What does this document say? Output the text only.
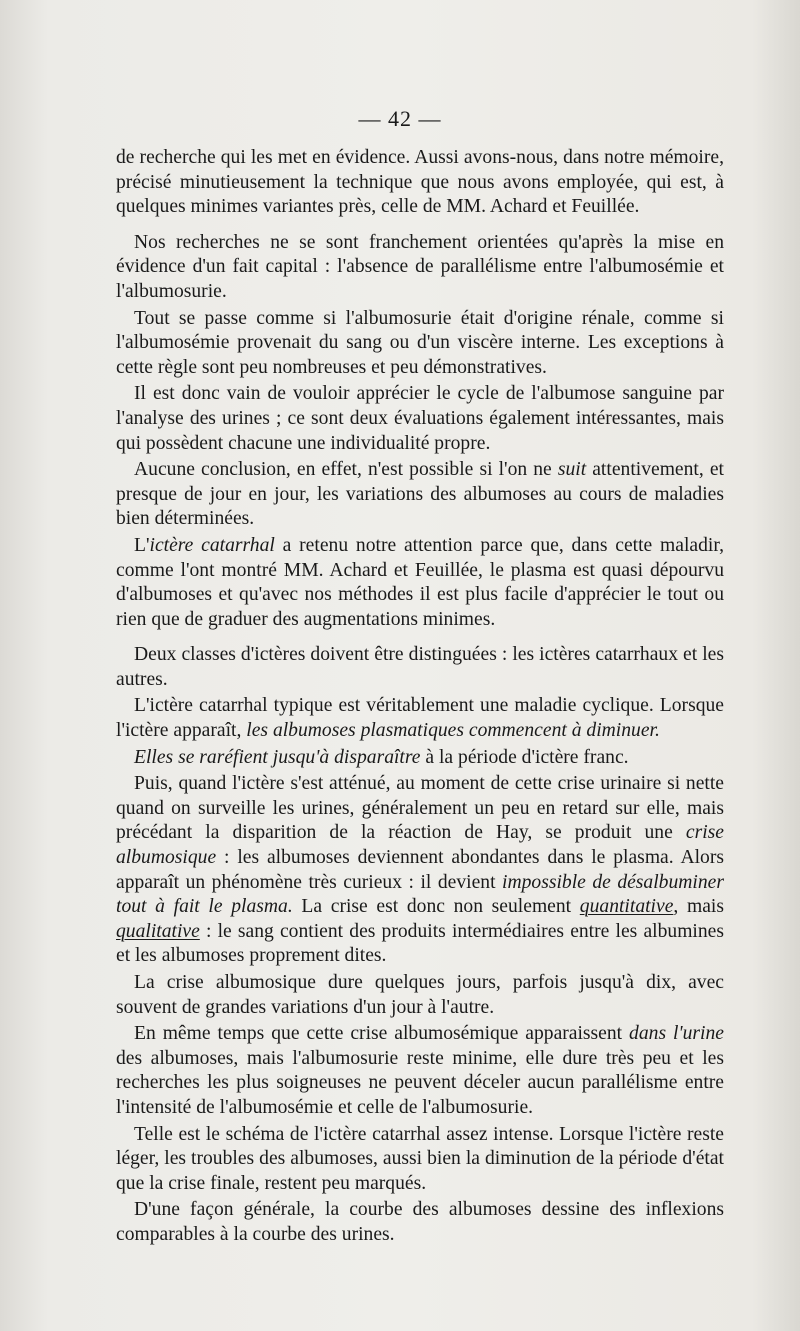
— 42 —

de recherche qui les met en évidence. Aussi avons-nous, dans notre mémoire, précisé minutieusement la technique que nous avons employée, qui est, à quelques minimes variantes près, celle de MM. Achard et Feuillée.

Nos recherches ne se sont franchement orientées qu'après la mise en évidence d'un fait capital : l'absence de parallélisme entre l'albumosémie et l'albumosurie.

Tout se passe comme si l'albumosurie était d'origine rénale, comme si l'albumosémie provenait du sang ou d'un viscère interne. Les exceptions à cette règle sont peu nombreuses et peu démonstratives.

Il est donc vain de vouloir apprécier le cycle de l'albumose sanguine par l'analyse des urines ; ce sont deux évaluations également intéressantes, mais qui possèdent chacune une individualité propre.

Aucune conclusion, en effet, n'est possible si l'on ne suit attentivement, et presque de jour en jour, les variations des albumoses au cours de maladies bien déterminées.

L'ictère catarrhal a retenu notre attention parce que, dans cette maladir, comme l'ont montré MM. Achard et Feuillée, le plasma est quasi dépourvu d'albumoses et qu'avec nos méthodes il est plus facile d'apprécier le tout ou rien que de graduer des augmentations minimes.

Deux classes d'ictères doivent être distinguées : les ictères catarrhaux et les autres.

L'ictère catarrhal typique est véritablement une maladie cyclique. Lorsque l'ictère apparaît, les albumoses plasmatiques commencent à diminuer.

Elles se raréfient jusqu'à disparaître à la période d'ictère franc.

Puis, quand l'ictère s'est atténué, au moment de cette crise urinaire si nette quand on surveille les urines, généralement un peu en retard sur elle, mais précédant la disparition de la réaction de Hay, se produit une crise albumosique : les albumoses deviennent abondantes dans le plasma. Alors apparaît un phénomène très curieux : il devient impossible de désalbuminer tout à fait le plasma. La crise est donc non seulement quantitative, mais qualitative : le sang contient des produits intermédiaires entre les albumines et les albumoses proprement dites.

La crise albumosique dure quelques jours, parfois jusqu'à dix, avec souvent de grandes variations d'un jour à l'autre.

En même temps que cette crise albumosémique apparaissent dans l'urine des albumoses, mais l'albumosurie reste minime, elle dure très peu et les recherches les plus soigneuses ne peuvent déceler aucun parallélisme entre l'intensité de l'albumosémie et celle de l'albumosurie.

Telle est le schéma de l'ictère catarrhal assez intense. Lorsque l'ictère reste léger, les troubles des albumoses, aussi bien la diminution de la période d'état que la crise finale, restent peu marqués.

D'une façon générale, la courbe des albumoses dessine des inflexions comparables à la courbe des urines.
